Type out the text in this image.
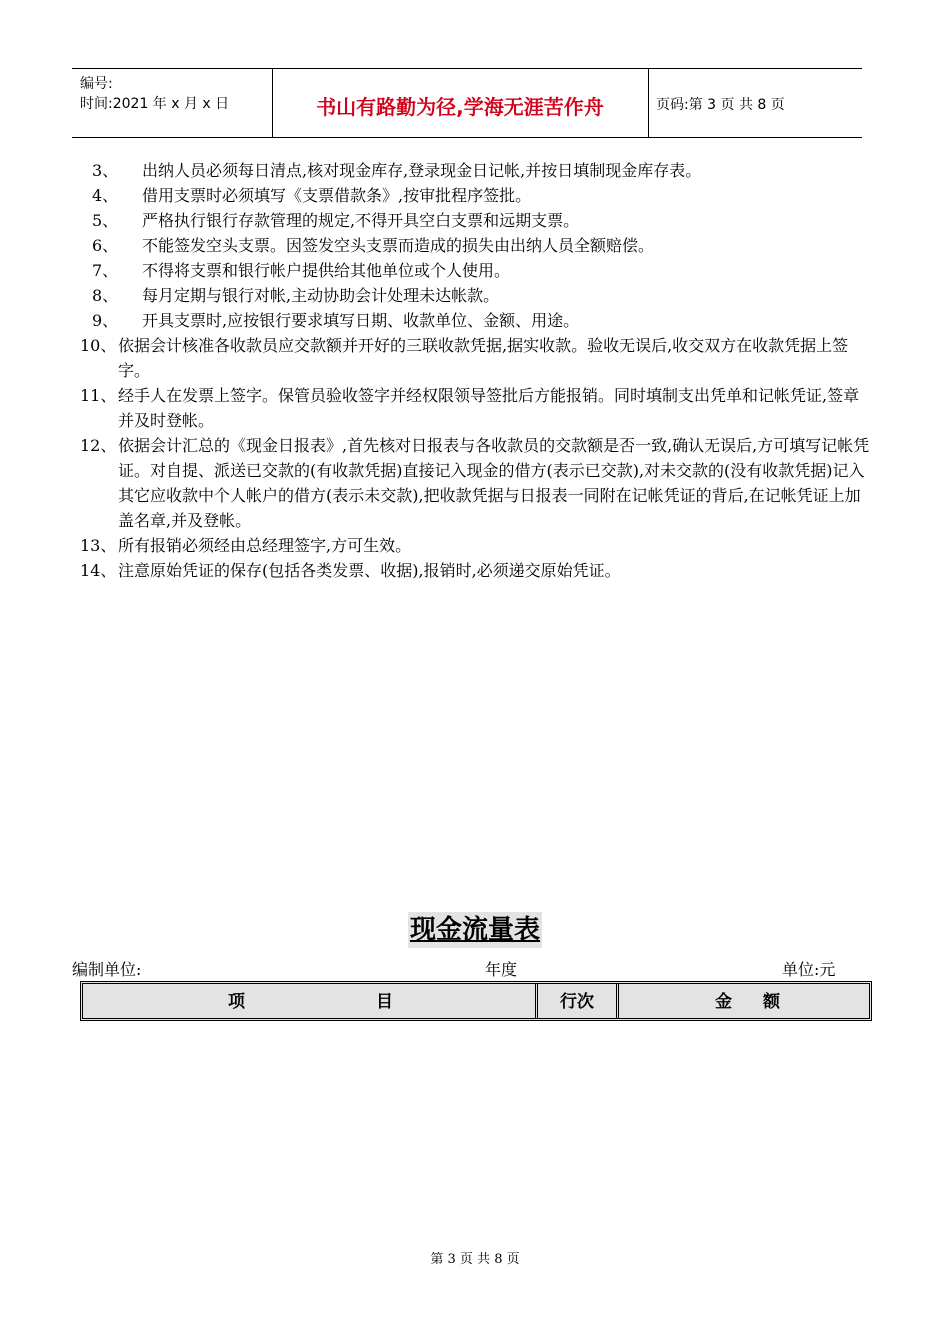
编号:
时间:2021 年 x 月 x 日	书山有路勤为径,学海无涯苦作舟	页码:第 3 页 共 8 页

3、	出纳人员必须每日清点,核对现金库存,登录现金日记帐,并按日填制现金库存表。

4、	借用支票时必须填写《支票借款条》,按审批程序签批。

5、	严格执行银行存款管理的规定,不得开具空白支票和远期支票。

6、	不能签发空头支票。因签发空头支票而造成的损失由出纳人员全额赔偿。

7、	不得将支票和银行帐户提供给其他单位或个人使用。

8、	每月定期与银行对帐,主动协助会计处理未达帐款。

9、	开具支票时,应按银行要求填写日期、收款单位、金额、用途。

10、 依据会计核准各收款员应交款额并开好的三联收款凭据,据实收款。验收无误后,收交双方在收款凭据上签字。

11、 经手人在发票上签字。保管员验收签字并经权限领导签批后方能报销。同时填制支出凭单和记帐凭证,签章并及时登帐。

12、 依据会计汇总的《现金日报表》,首先核对日报表与各收款员的交款额是否一致,确认无误后,方可填写记帐凭证。对自提、派送已交款的(有收款凭据)直接记入现金的借方(表示已交款),对未交款的(没有收款凭据)记入其它应收款中个人帐户的借方(表示未交款),把收款凭据与日报表一同附在记帐凭证的背后,在记帐凭证上加盖名章,并及登帐。

13、 所有报销必须经由总经理签字,方可生效。

14、 注意原始凭证的保存(包括各类发票、收据),报销时,必须递交原始凭证。

现金流量表
编制单位:	年度	单位:元
项	目	行次	金 额
第 3 页 共 8 页
